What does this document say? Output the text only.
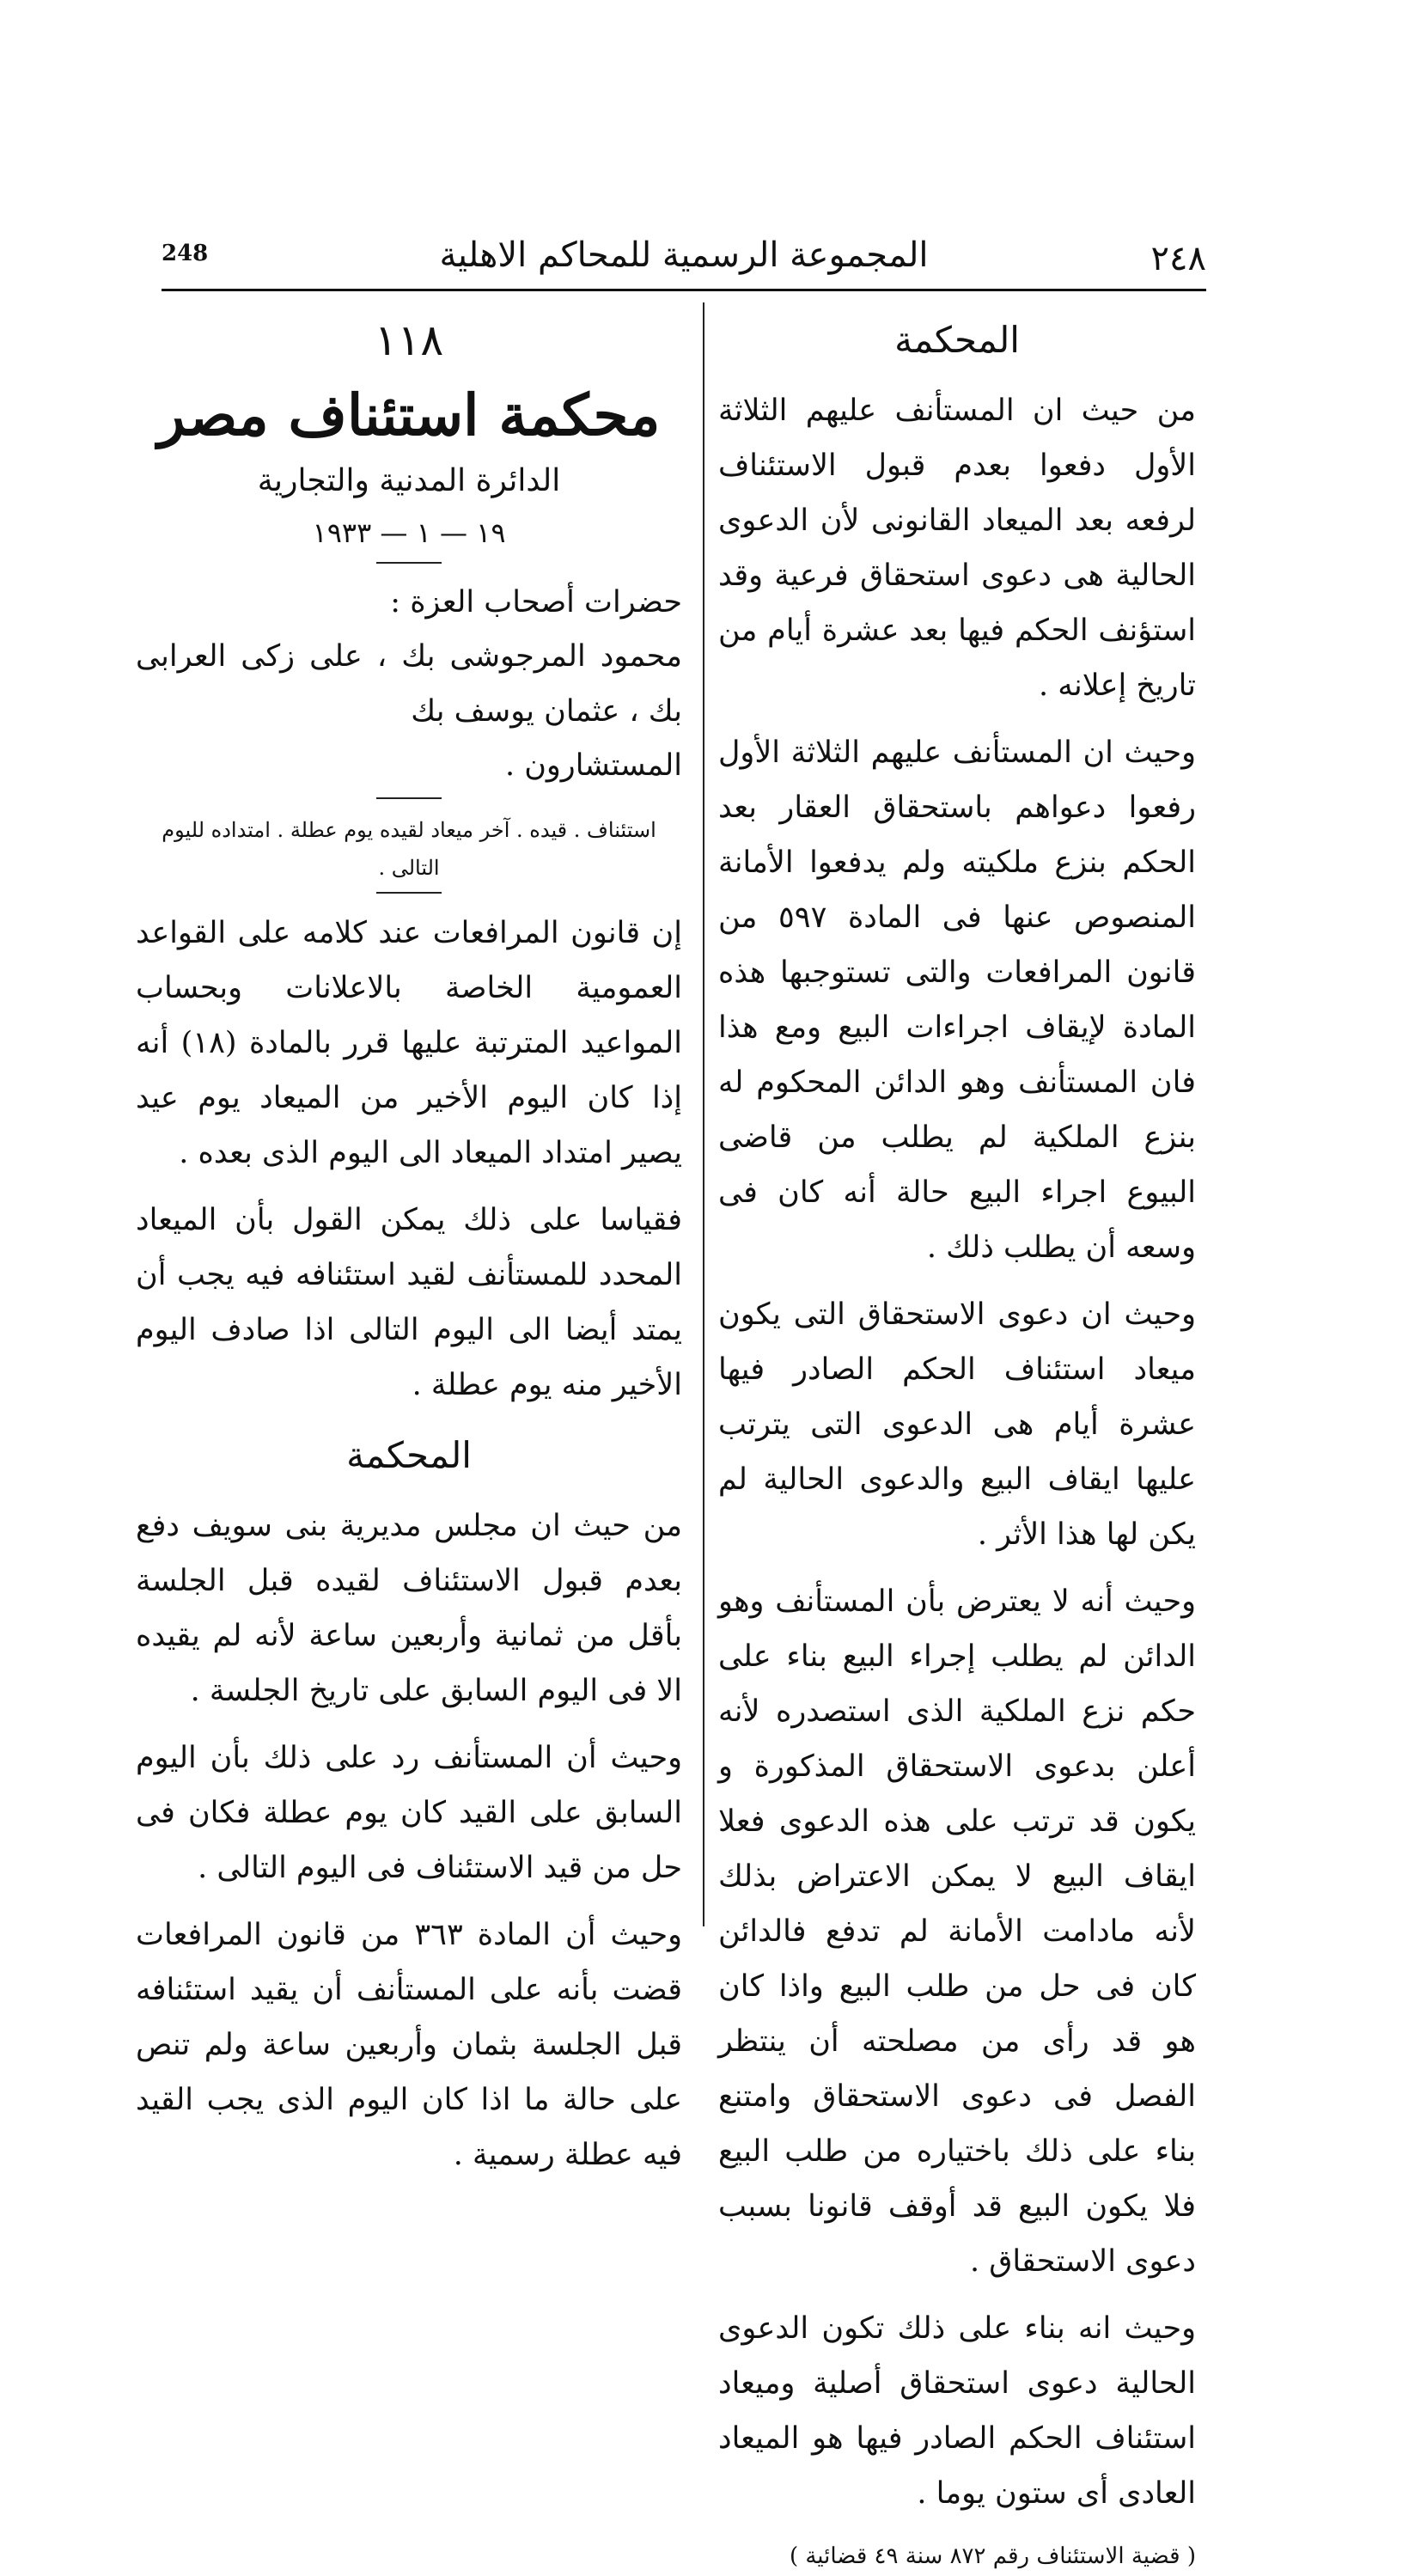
248	المجموعة الرسمية للمحاكم الاهلية	٢٤٨
المحكمة

من حيث ان المستأنف عليهم الثلاثة الأول دفعوا بعدم قبول الاستئناف لرفعه بعد الميعاد القانونى لأن الدعوى الحالية هى دعوى استحقاق فرعية وقد استؤنف الحكم فيها بعد عشرة أيام من تاريخ إعلانه .

وحيث ان المستأنف عليهم الثلاثة الأول رفعوا دعواهم باستحقاق العقار بعد الحكم بنزع ملكيته ولم يدفعوا الأمانة المنصوص عنها فى المادة ٥٩٧ من قانون المرافعات والتى تستوجبها هذه المادة لإيقاف اجراءات البيع ومع هذا فان المستأنف وهو الدائن المحكوم له بنزع الملكية لم يطلب من قاضى البيوع اجراء البيع حالة أنه كان فى وسعه أن يطلب ذلك .

وحيث ان دعوى الاستحقاق التى يكون ميعاد استئناف الحكم الصادر فيها عشرة أيام هى الدعوى التى يترتب عليها ايقاف البيع والدعوى الحالية لم يكن لها هذا الأثر .

وحيث أنه لا يعترض بأن المستأنف وهو الدائن لم يطلب إجراء البيع بناء على حكم نزع الملكية الذى استصدره لأنه أعلن بدعوى الاستحقاق المذكورة و يكون قد ترتب على هذه الدعوى فعلا ايقاف البيع لا يمكن الاعتراض بذلك لأنه مادامت الأمانة لم تدفع فالدائن كان فى حل من طلب البيع واذا كان هو قد رأى من مصلحته أن ينتظر الفصل فى دعوى الاستحقاق وامتنع بناء على ذلك باختياره من طلب البيع فلا يكون البيع قد أوقف قانونا بسبب دعوى الاستحقاق .

وحيث انه بناء على ذلك تكون الدعوى الحالية دعوى استحقاق أصلية وميعاد استئناف الحكم الصادر فيها هو الميعاد العادى أى ستون يوما .

( قضية الاستئناف رقم ٨٧٢ سنة ٤٩ قضائية )
١١٨
محكمة استئناف مصر
الدائرة المدنية والتجارية
١٩ — ١ — ١٩٣٣
حضرات أصحاب العزة :
محمود المرجوشى بك ، على زكى العرابى بك ، عثمان يوسف بك
المستشارون .
استئناف . قيده . آخر ميعاد لقيده يوم عطلة . امتداده لليوم التالى .

إن قانون المرافعات عند كلامه على القواعد العمومية الخاصة بالاعلانات وبحساب المواعيد المترتبة عليها قرر بالمادة (١٨) أنه إذا كان اليوم الأخير من الميعاد يوم عيد يصير امتداد الميعاد الى اليوم الذى بعده .

فقياسا على ذلك يمكن القول بأن الميعاد المحدد للمستأنف لقيد استئنافه فيه يجب أن يمتد أيضا الى اليوم التالى اذا صادف اليوم الأخير منه يوم عطلة .

المحكمة

من حيث ان مجلس مديرية بنى سويف دفع بعدم قبول الاستئناف لقيده قبل الجلسة بأقل من ثمانية وأربعين ساعة لأنه لم يقيده الا فى اليوم السابق على تاريخ الجلسة .

وحيث أن المستأنف رد على ذلك بأن اليوم السابق على القيد كان يوم عطلة فكان فى حل من قيد الاستئناف فى اليوم التالى .

وحيث أن المادة ٣٦٣ من قانون المرافعات قضت بأنه على المستأنف أن يقيد استئنافه قبل الجلسة بثمان وأربعين ساعة ولم تنص على حالة ما اذا كان اليوم الذى يجب القيد فيه عطلة رسمية .
